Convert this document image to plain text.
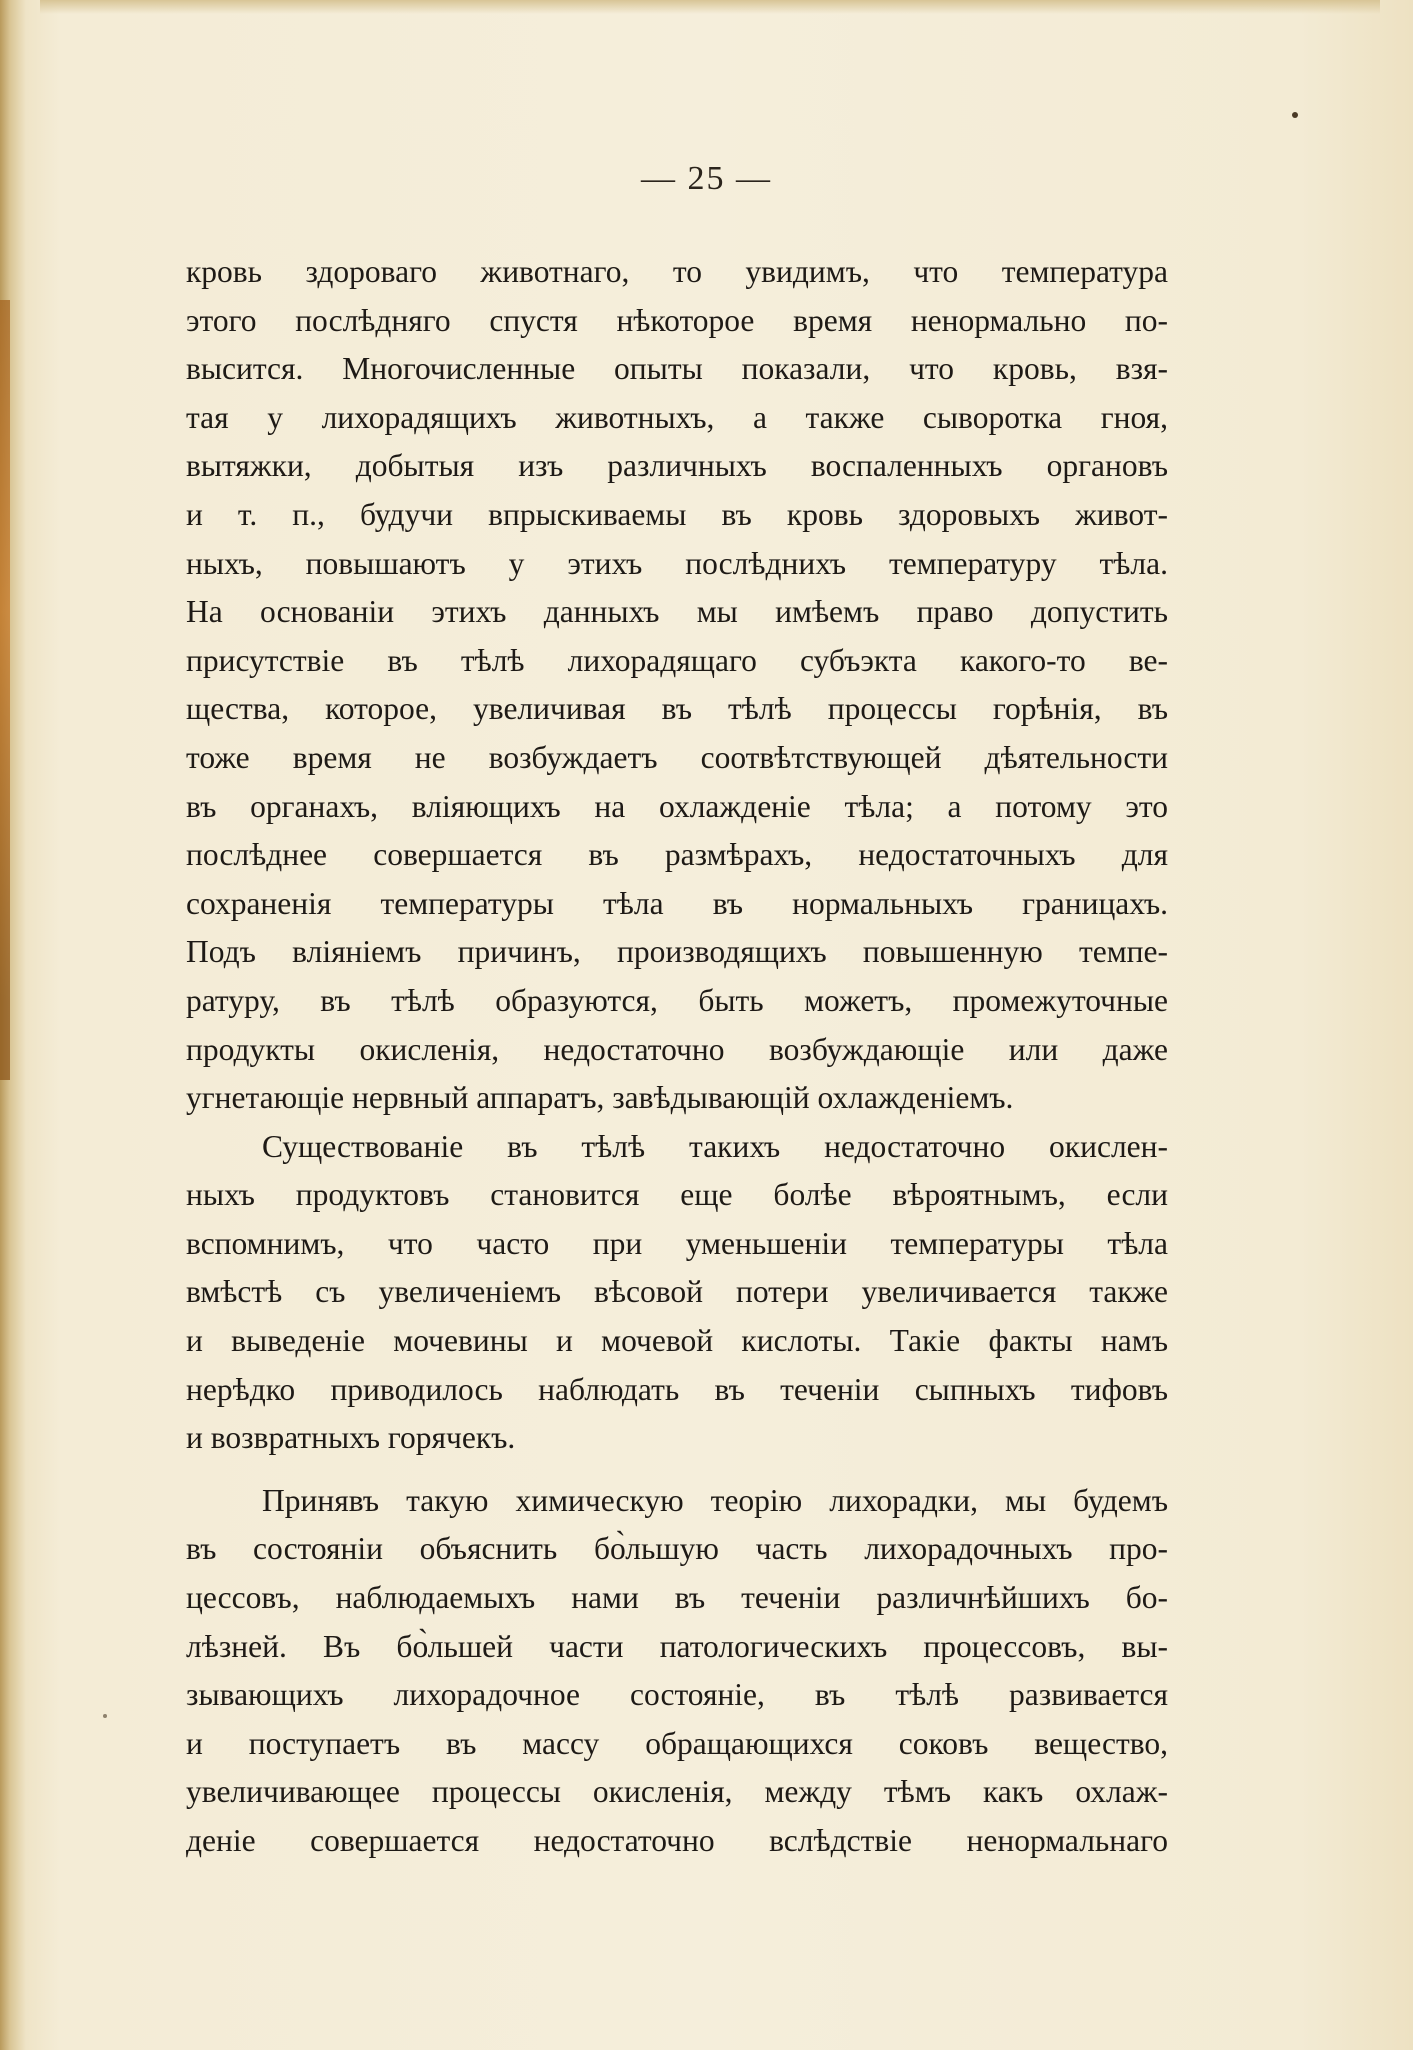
— 25 —
кровь здороваго животнаго, то увидимъ, что температура
этого послѣдняго спустя нѣкоторое время ненормально по-
высится. Многочисленные опыты показали, что кровь, взя-
тая у лихорадящихъ животныхъ, а также сыворотка гноя,
вытяжки, добытыя изъ различныхъ воспаленныхъ органовъ
и т. п., будучи впрыскиваемы въ кровь здоровыхъ живот-
ныхъ, повышаютъ у этихъ послѣднихъ температуру тѣла.
На основанiи этихъ данныхъ мы имѣемъ право допустить
присутствiе въ тѣлѣ лихорадящаго субъэкта какого-то ве-
щества, которое, увеличивая въ тѣлѣ процессы горѣнiя, въ
тоже время не возбуждаетъ соотвѣтствующей дѣятельности
въ органахъ, влiяющихъ на охлажденiе тѣла; а потому это
послѣднее совершается въ размѣрахъ, недостаточныхъ для
сохраненiя температуры тѣла въ нормальныхъ границахъ.
Подъ влiянiемъ причинъ, производящихъ повышенную темпе-
ратуру, въ тѣлѣ образуются, быть можетъ, промежуточные
продукты окисленiя, недостаточно возбуждающiе или даже
угнетающiе нервный аппаратъ, завѣдывающiй охлажденiемъ.
Существованiе въ тѣлѣ такихъ недостаточно окислен-
ныхъ продуктовъ становится еще болѣе вѣроятнымъ, если
вспомнимъ, что часто при уменьшенiи температуры тѣла
вмѣстѣ съ увеличенiемъ вѣсовой потери увеличивается также
и выведенiе мочевины и мочевой кислоты. Такiе факты намъ
нерѣдко приводилось наблюдать въ теченiи сыпныхъ тифовъ
и возвратныхъ горячекъ.
Принявъ такую химическую теорiю лихорадки, мы будемъ
въ состоянiи объяснить бо̀льшую часть лихорадочныхъ про-
цессовъ, наблюдаемыхъ нами въ теченiи различнѣйшихъ бо-
лѣзней. Въ бо̀льшей части патологическихъ процессовъ, вы-
зывающихъ лихорадочное состоянiе, въ тѣлѣ развивается
и поступаетъ въ массу обращающихся соковъ вещество,
увеличивающее процессы окисленiя, между тѣмъ какъ охлаж-
денiе совершается недостаточно вслѣдствiе ненормальнаго
